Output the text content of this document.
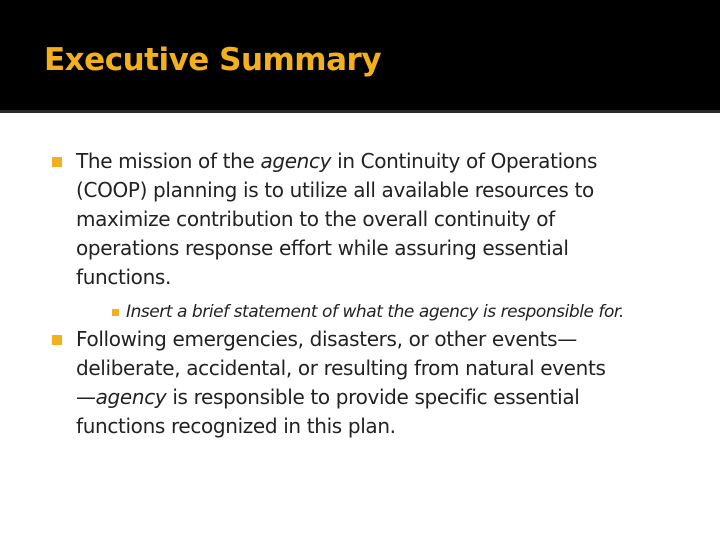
Executive Summary
The mission of the agency in Continuity of Operations
(COOP) planning is to utilize all available resources to
maximize contribution to the overall continuity of
operations response effort while assuring essential
functions.
Insert a brief statement of what the agency is responsible for.
Following emergencies, disasters, or other events—
deliberate, accidental, or resulting from natural events
—agency is responsible to provide specific essential
functions recognized in this plan.
